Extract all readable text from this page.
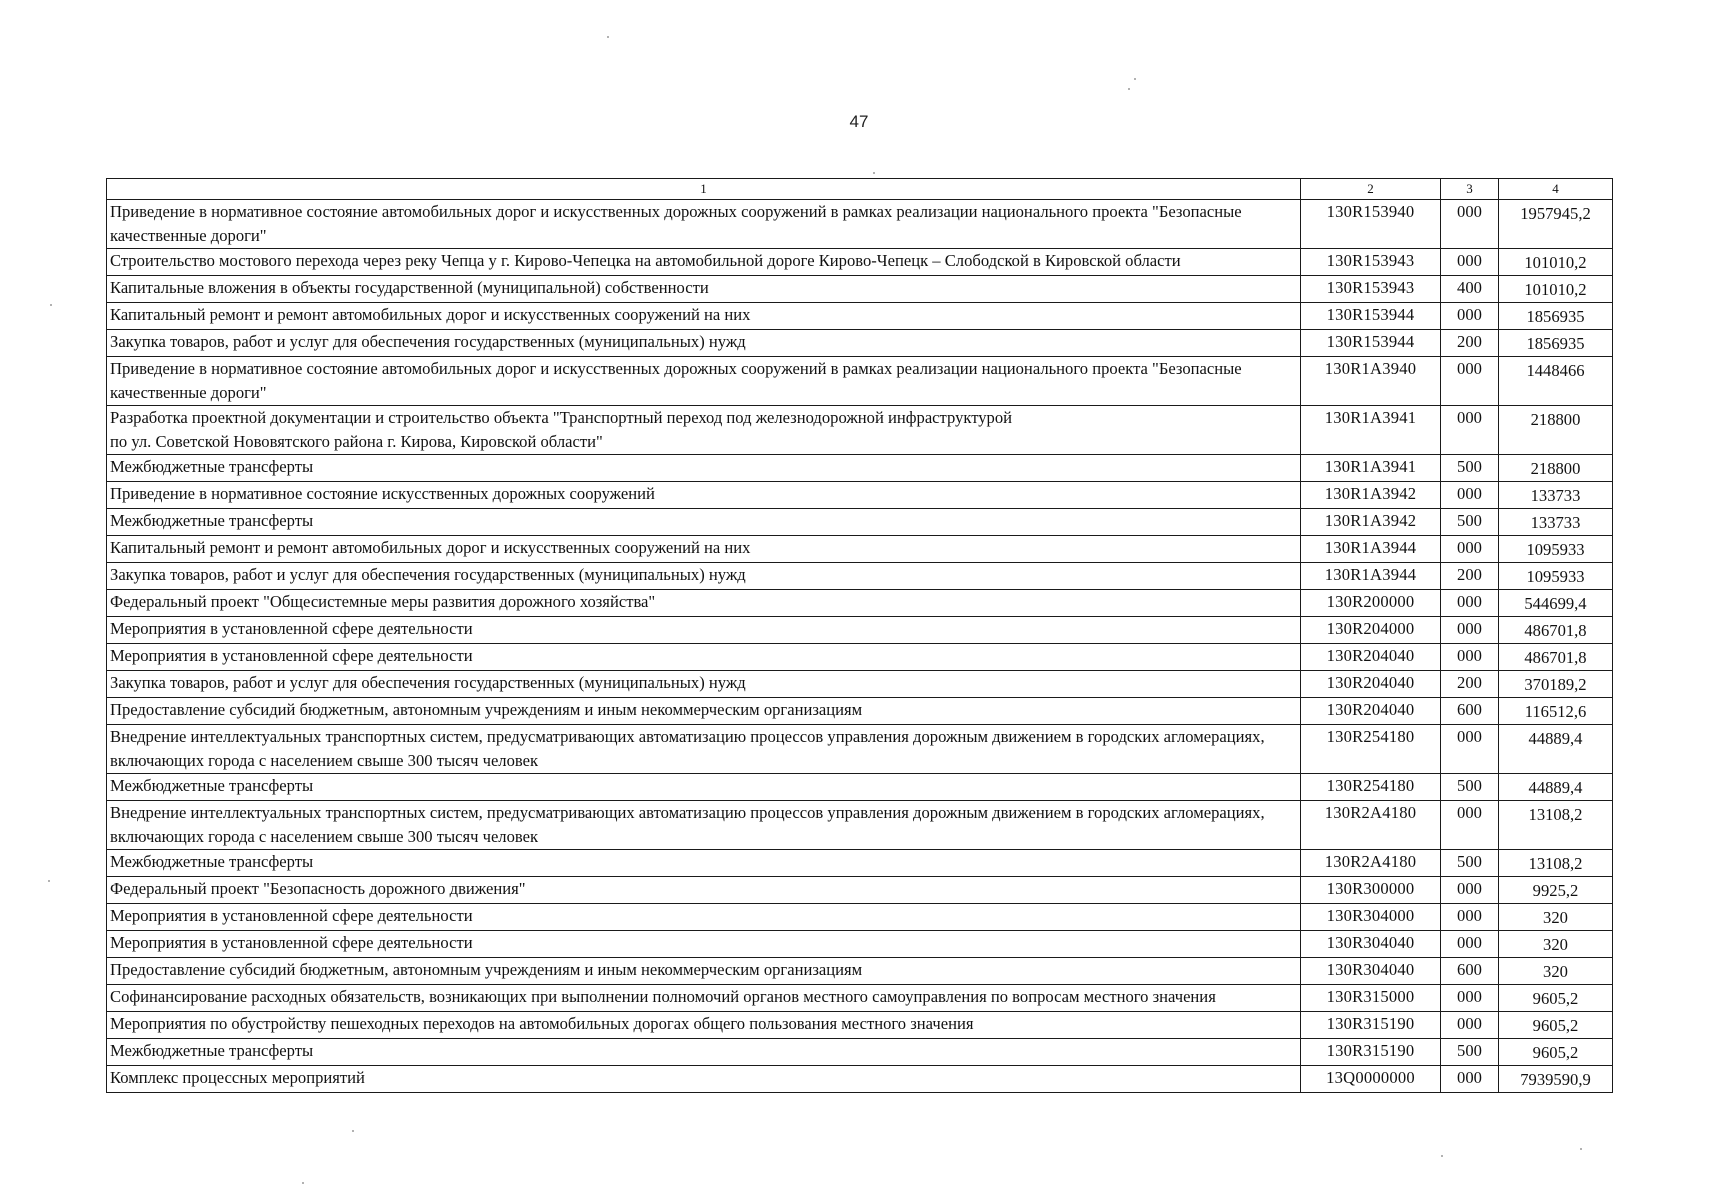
47
1	2	3	4
Приведение в нормативное состояние автомобильных дорог и искусственных дорожных сооружений в рамках реализации национального проекта "Безопасные качественные дороги"	130R153940	000	1957945,2
Строительство мостового перехода через реку Чепца у г. Кирово-Чепецка на автомобильной дороге Кирово-Чепецк – Слободской в Кировской области	130R153943	000	101010,2
Капитальные вложения в объекты государственной (муниципальной) собственности	130R153943	400	101010,2
Капитальный ремонт и ремонт автомобильных дорог и искусственных сооружений на них	130R153944	000	1856935
Закупка товаров, работ и услуг для обеспечения государственных (муниципальных) нужд	130R153944	200	1856935
Приведение в нормативное состояние автомобильных дорог и искусственных дорожных сооружений в рамках реализации национального проекта "Безопасные качественные дороги"	130R1A3940	000	1448466
Разработка проектной документации и строительство объекта "Транспортный переход под железнодорожной инфраструктурой
по ул. Советской Нововятского района г. Кирова, Кировской области"	130R1A3941	000	218800
Межбюджетные трансферты	130R1A3941	500	218800
Приведение в нормативное состояние искусственных дорожных сооружений	130R1A3942	000	133733
Межбюджетные трансферты	130R1A3942	500	133733
Капитальный ремонт и ремонт автомобильных дорог и искусственных сооружений на них	130R1A3944	000	1095933
Закупка товаров, работ и услуг для обеспечения государственных (муниципальных) нужд	130R1A3944	200	1095933
Федеральный проект "Общесистемные меры развития дорожного хозяйства"	130R200000	000	544699,4
Мероприятия в установленной сфере деятельности	130R204000	000	486701,8
Мероприятия в установленной сфере деятельности	130R204040	000	486701,8
Закупка товаров, работ и услуг для обеспечения государственных (муниципальных) нужд	130R204040	200	370189,2
Предоставление субсидий бюджетным, автономным учреждениям и иным некоммерческим организациям	130R204040	600	116512,6
Внедрение интеллектуальных транспортных систем, предусматривающих автоматизацию процессов управления дорожным движением в городских агломерациях, включающих города с населением свыше 300 тысяч человек	130R254180	000	44889,4
Межбюджетные трансферты	130R254180	500	44889,4
Внедрение интеллектуальных транспортных систем, предусматривающих автоматизацию процессов управления дорожным движением в городских агломерациях, включающих города с населением свыше 300 тысяч человек	130R2A4180	000	13108,2
Межбюджетные трансферты	130R2A4180	500	13108,2
Федеральный проект "Безопасность дорожного движения"	130R300000	000	9925,2
Мероприятия в установленной сфере деятельности	130R304000	000	320
Мероприятия в установленной сфере деятельности	130R304040	000	320
Предоставление субсидий бюджетным, автономным учреждениям и иным некоммерческим организациям	130R304040	600	320
Софинансирование расходных обязательств, возникающих при выполнении полномочий органов местного самоуправления по вопросам местного значения	130R315000	000	9605,2
Мероприятия по обустройству пешеходных переходов на автомобильных дорогах общего пользования местного значения	130R315190	000	9605,2
Межбюджетные трансферты	130R315190	500	9605,2
Комплекс процессных мероприятий	13Q0000000	000	7939590,9
